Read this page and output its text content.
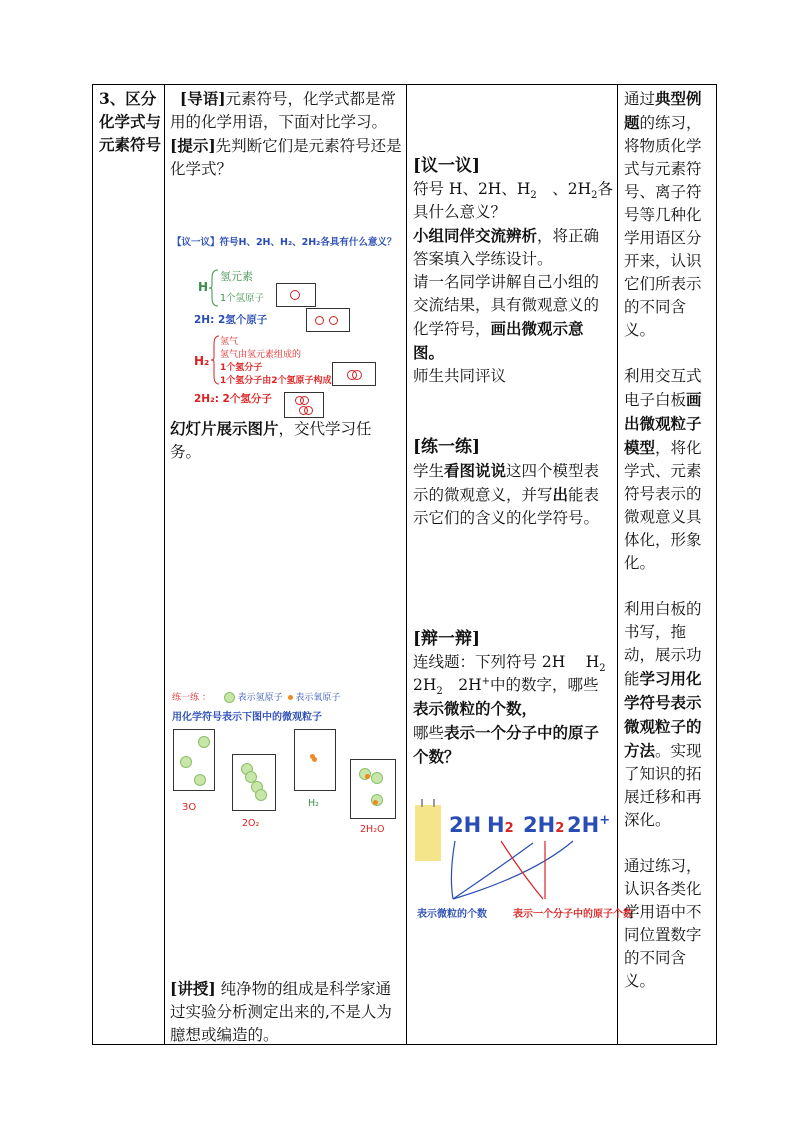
3、区分化学式与元素符号
[导语]元素符号，化学式都是常用的化学用语，下面对比学习。
[提示]先判断它们是元素符号还是化学式？
【议一议】符号H、2H、H₂、2H₂各具有什么意义？
H
氢元素
1个氢原子
2H: 2氢个原子
H₂
氢气
氢气由氢元素组成的
1个氢分子
1个氢分子由2个氢原子构成
2H₂: 2个氢分子
幻灯片展示图片，交代学习任务。
练一练 ：	表示氢原子 表示氧原子
用化学符号表示下图中的微观粒子
3O
2O₂
H₂
2H₂O
[讲授] 纯净物的组成是科学家通过实验分析测定出来的,不是人为臆想或编造的。
[议一议]
符号 H、2H、$H_2$　 、$2H_2$各具什么意义？
小组同伴交流辨析，将正确答案填入学练设计。
请一名同学讲解自己小组的交流结果，具有微观意义的化学符号，画出微观示意图。
师生共同评议
[练一练]
学生看图说说这四个模型表示的微观意义，并写出能表示它们的含义的化学符号。
[辩一辩]
连线题：下列符号 2H　 $H_2$ $2H_2$　2H+中的数字，哪些表示微粒的个数，
哪些表示一个分子中的原子个数？
2H H2 2H2 2H+
表示微粒的个数	表示一个分子中的原子个数
通过典型例题的练习，将物质化学式与元素符号、离子符号等几种化学用语区分开来，认识它们所表示的不同含义。
利用交互式电子白板画出微观粒子模型，将化学式、元素符号表示的微观意义具体化，形象化。
利用白板的书写，拖动，展示功能学习用化学符号表示微观粒子的方法。实现了知识的拓展迁移和再深化。
通过练习，认识各类化学用语中不同位置数字的不同含义。
